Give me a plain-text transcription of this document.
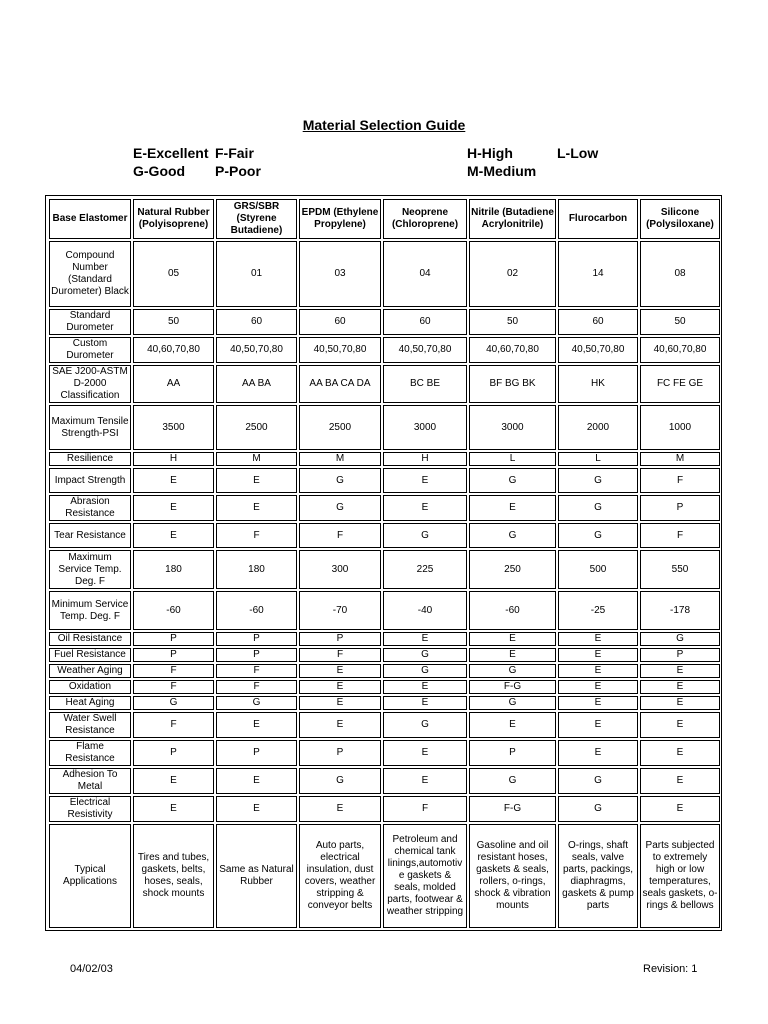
Material Selection Guide
E-Excellent F-Fair
G-Good P-Poor
H-High	L-Low
M-Medium
Base Elastomer	Natural Rubber (Polyisoprene)	GRS/SBR (Styrene Butadiene)	EPDM (Ethylene Propylene)	Neoprene (Chloroprene)	Nitrile (Butadiene Acrylonitrile)	Flurocarbon	Silicone (Polysiloxane)
Compound Number (Standard Durometer) Black	05	01	03	04	02	14	08
Standard Durometer	50	60	60	60	50	60	50
Custom Durometer	40,60,70,80	40,50,70,80	40,50,70,80	40,50,70,80	40,60,70,80	40,50,70,80	40,60,70,80
SAE J200-ASTM D-2000 Classification	AA	AA BA	AA BA CA DA	BC BE	BF BG BK	HK	FC FE GE
Maximum Tensile Strength-PSI	3500	2500	2500	3000	3000	2000	1000
Resilience	H	M	M	H	L	L	M
Impact Strength	E	E	G	E	G	G	F
Abrasion Resistance	E	E	G	E	E	G	P
Tear Resistance	E	F	F	G	G	G	F
Maximum Service Temp. Deg. F	180	180	300	225	250	500	550
Minimum Service Temp. Deg. F	-60	-60	-70	-40	-60	-25	-178
Oil Resistance	P	P	P	E	E	E	G
Fuel Resistance	P	P	F	G	E	E	P
Weather Aging	F	F	E	G	G	E	E
Oxidation	F	F	E	E	F-G	E	E
Heat Aging	G	G	E	E	G	E	E
Water Swell Resistance	F	E	E	G	E	E	E
Flame Resistance	P	P	P	E	P	E	E
Adhesion To Metal	E	E	G	E	G	G	E
Electrical Resistivity	E	E	E	F	F-G	G	E
Typical Applications	Tires and tubes, gaskets, belts, hoses, seals, shock mounts	Same as Natural Rubber	Auto parts, electrical insulation, dust covers, weather stripping & conveyor belts	Petroleum and chemical tank linings,automotive gaskets & seals, molded parts, footwear & weather stripping	Gasoline and oil resistant hoses, gaskets & seals, rollers, o-rings, shock & vibration mounts	O-rings, shaft seals, valve parts, packings, diaphragms, gaskets & pump parts	Parts subjected to extremely high or low temperatures, seals gaskets, o-rings & bellows
04/02/03	Revision: 1
